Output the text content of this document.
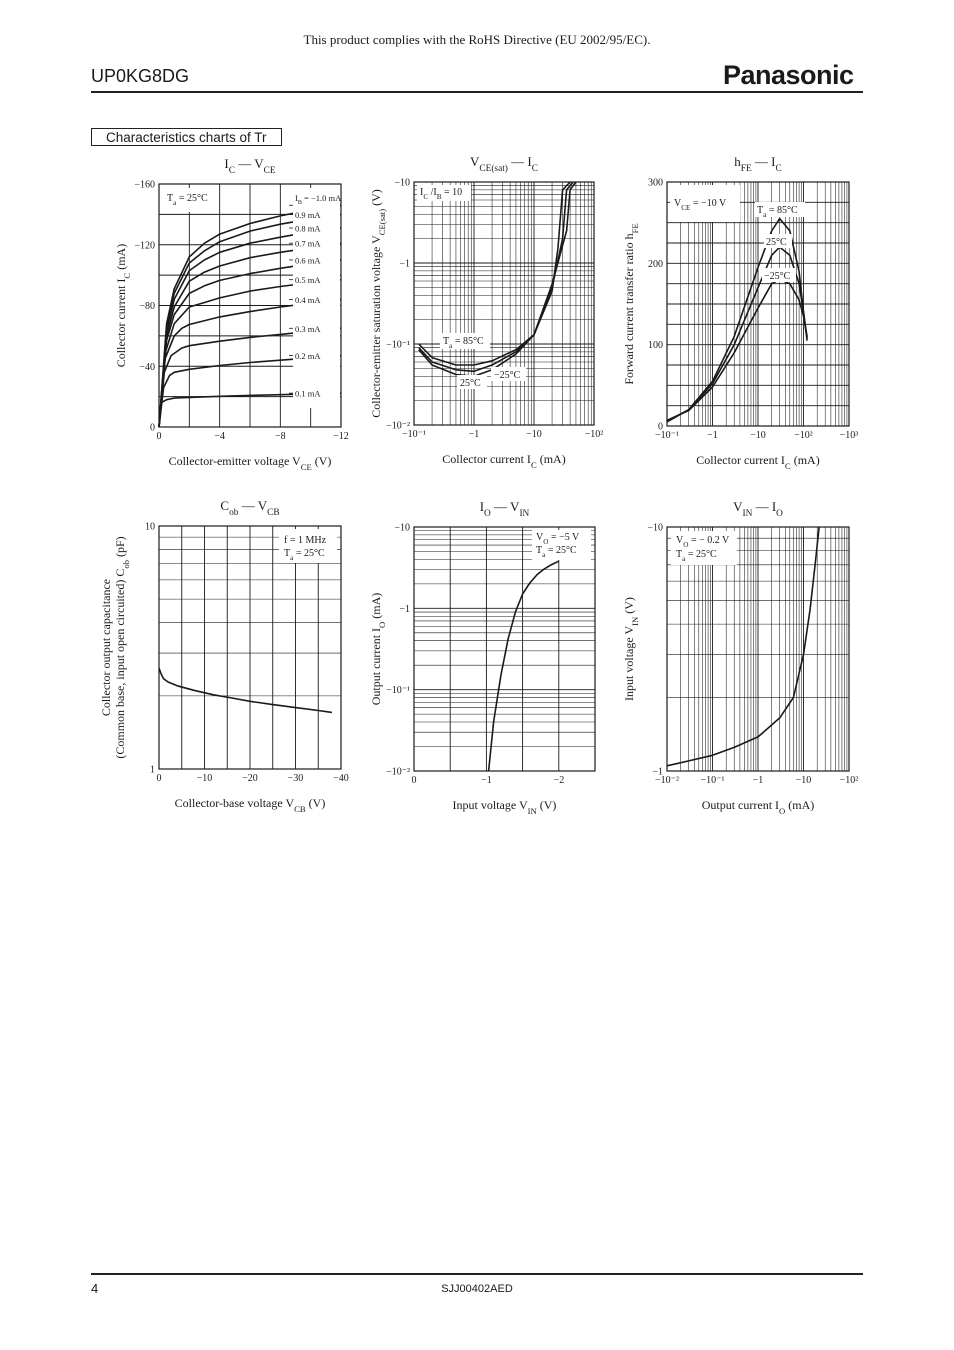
This product complies with the RoHS Directive (EU 2002/95/EC).
UP0KG8DG	Panasonic
Characteristics charts of Tr
0	−4	−8	−12
0
−40
−80
−120
−160
$I_C$ — $V_{CE}$
Collector-emitter voltage $V_{CE}$ (V)
Collector current $I_C$ (mA)
$T_a = 25^\circ C$
0.1 mA
0.2 mA
0.3 mA
0.4 mA
0.5 mA
0.6 mA
0.7 mA
0.8 mA
0.9 mA
$I_B = -1.0$ mA
−10⁻¹	−1	−10	−10²
−10⁻²
−10⁻¹
−1
−10
$V_{CE(sat)}$ — $I_C$
Collector current $I_C$ (mA)
Collector-emitter saturation voltage $V_{CE(sat)}$ (V)	$I_C$ $/I_B = 10$
$T_a = 85^\circ C$
25°C
−25°C
−10⁻¹	−1	−10	−10²	−10³
0
100
200
300
$h_{FE}$ — $I_C$
Collector current $I_C$ (mA)
Forward current transfer ratio $h_{FE}$
$V_{CE} = -10$ V
$T_a = 85^\circ C$
25°C
−25°C
0	−10	−20	−30	−40
1
10
$C_{ob}$ — $V_{CB}$
Collector-base voltage $V_{CB}$ (V)
Collector output capacitance (Common base, input open circuited) $C_{ob}$ (pF)	f = 1 MHz
$T_a = 25^\circ C$
0	−1	−2
−10⁻²
−10⁻¹
−1
−10
$I_O$ — $V_{IN}$
Input voltage $V_{IN}$ (V)
Output current $I_O$ (mA)
$V_O = -5$ V
$T_a = 25^\circ C$
−10⁻² −10⁻¹	−1	−10	−10²
−1
−10
$V_{IN}$ — $I_O$
Output current $I_O$ (mA)
Input voltage $V_{IN}$ (V)
$V_O$ = − 0.2 V
$T_a = 25^\circ C$
4	SJJ00402AED
